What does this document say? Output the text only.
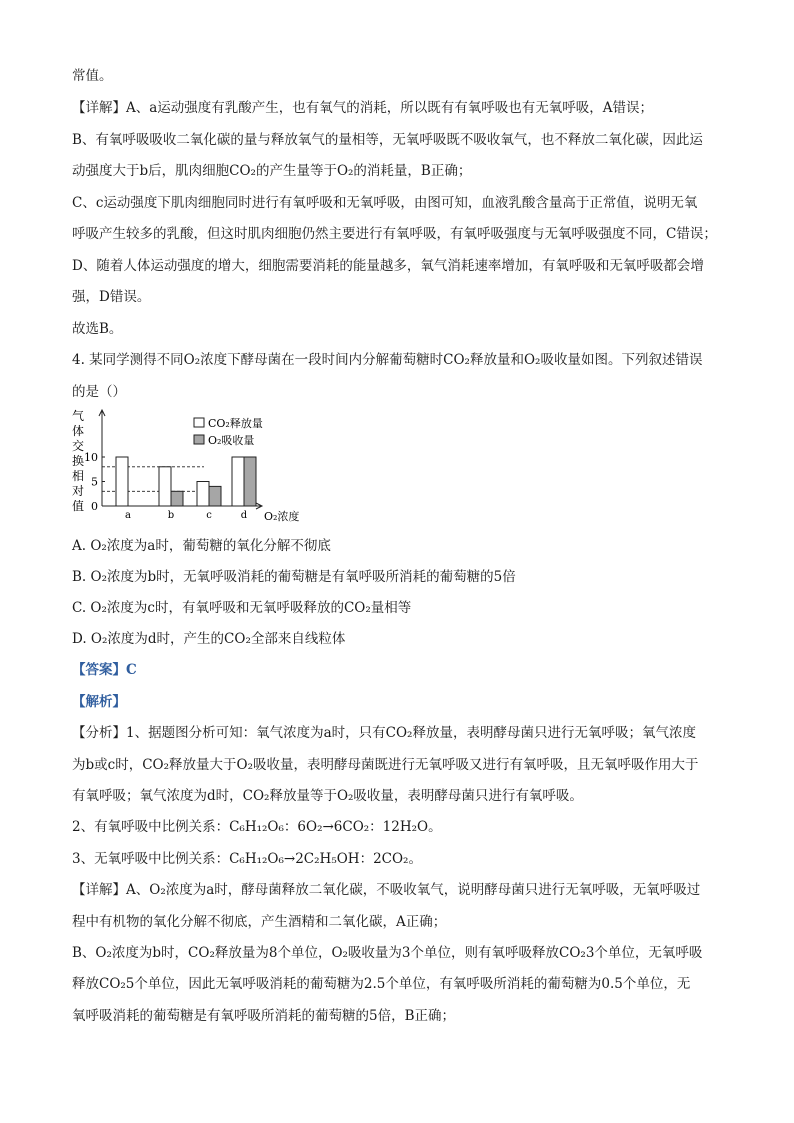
常值。
【详解】A、a运动强度有乳酸产生，也有氧气的消耗，所以既有有氧呼吸也有无氧呼吸，A错误；
B、有氧呼吸吸收二氧化碳的量与释放氧气的量相等，无氧呼吸既不吸收氧气，也不释放二氧化碳，因此运
动强度大于b后，肌肉细胞CO₂的产生量等于O₂的消耗量，B正确；
C、c运动强度下肌肉细胞同时进行有氧呼吸和无氧呼吸，由图可知，血液乳酸含量高于正常值，说明无氧
呼吸产生较多的乳酸，但这时肌肉细胞仍然主要进行有氧呼吸，有氧呼吸强度与无氧呼吸强度不同，C错误；
D、随着人体运动强度的增大，细胞需要消耗的能量越多，氧气消耗速率增加，有氧呼吸和无氧呼吸都会增
强，D错误。
故选B。
4. 某同学测得不同O₂浓度下酵母菌在一段时间内分解葡萄糖时CO₂释放量和O₂吸收量如图。下列叙述错误
的是（）
气
体
交
换
相
对
值 0
5
10
a	b	c	d O₂浓度
CO₂释放量
O₂吸收量
A. O₂浓度为a时，葡萄糖的氧化分解不彻底
B. O₂浓度为b时，无氧呼吸消耗的葡萄糖是有氧呼吸所消耗的葡萄糖的5倍
C. O₂浓度为c时，有氧呼吸和无氧呼吸释放的CO₂量相等
D. O₂浓度为d时，产生的CO₂全部来自线粒体
【答案】C
【解析】
【分析】1、据题图分析可知：氧气浓度为a时，只有CO₂释放量，表明酵母菌只进行无氧呼吸；氧气浓度
为b或c时，CO₂释放量大于O₂吸收量，表明酵母菌既进行无氧呼吸又进行有氧呼吸，且无氧呼吸作用大于
有氧呼吸；氧气浓度为d时，CO₂释放量等于O₂吸收量，表明酵母菌只进行有氧呼吸。
2、有氧呼吸中比例关系：C₆H₁₂O₆：6O₂→6CO₂：12H₂O。
3、无氧呼吸中比例关系：C₆H₁₂O₆→2C₂H₅OH：2CO₂。
【详解】A、O₂浓度为a时，酵母菌释放二氧化碳，不吸收氧气，说明酵母菌只进行无氧呼吸，无氧呼吸过
程中有机物的氧化分解不彻底，产生酒精和二氧化碳，A正确；
B、O₂浓度为b时，CO₂释放量为8个单位，O₂吸收量为3个单位，则有氧呼吸释放CO₂3个单位，无氧呼吸
释放CO₂5个单位，因此无氧呼吸消耗的葡萄糖为2.5个单位，有氧呼吸所消耗的葡萄糖为0.5个单位，无
氧呼吸消耗的葡萄糖是有氧呼吸所消耗的葡萄糖的5倍，B正确；
